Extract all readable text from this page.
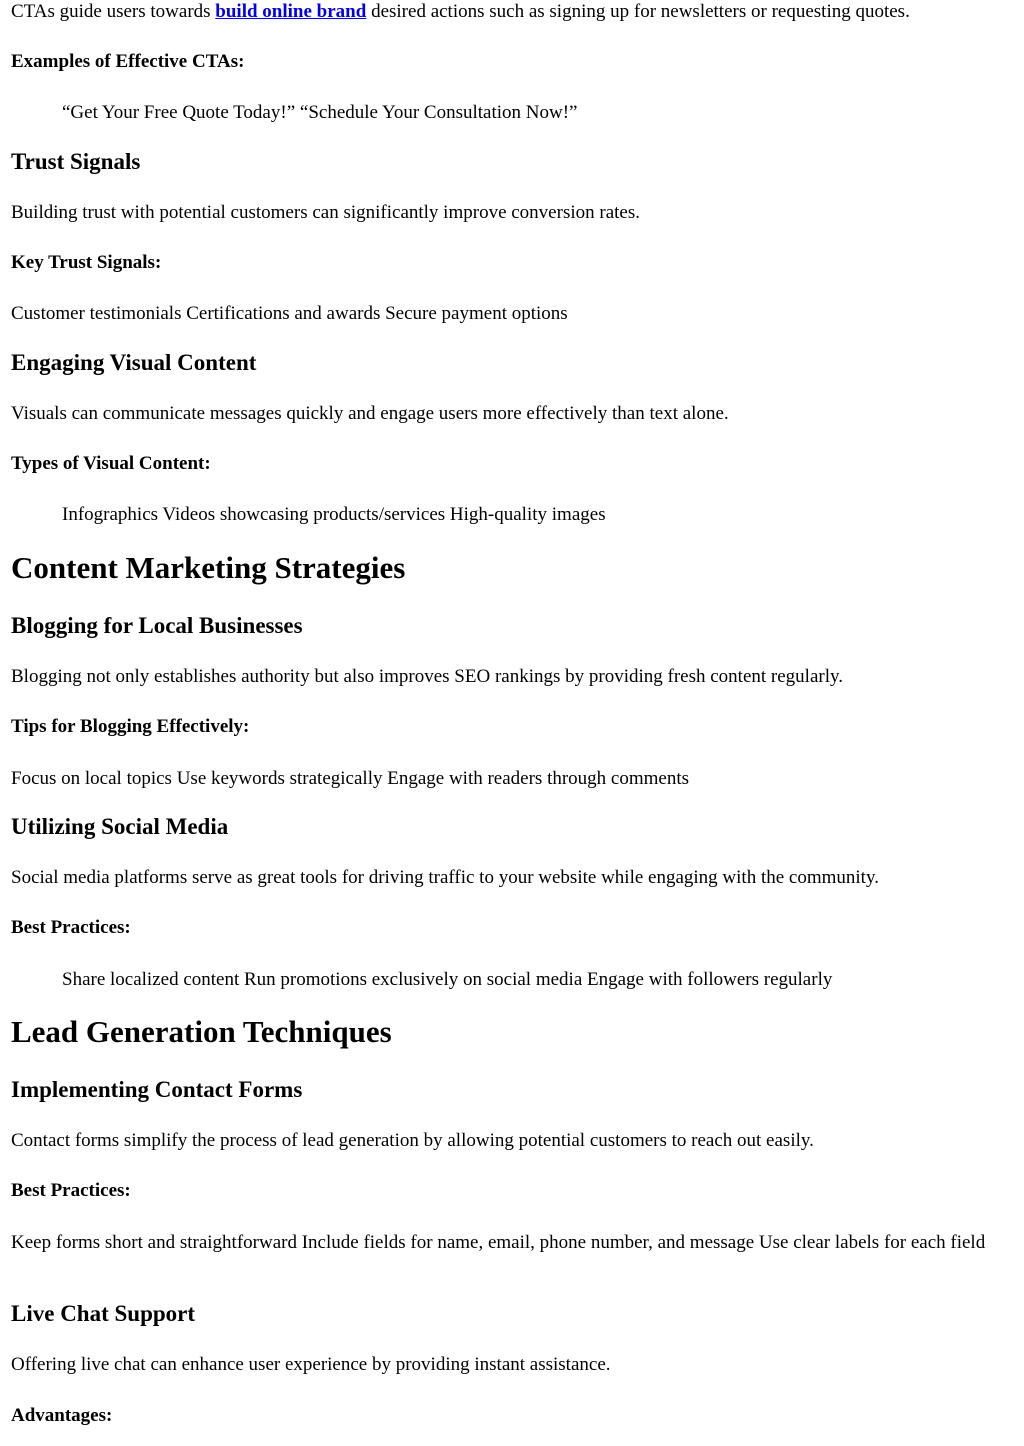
CTAs guide users towards build online brand desired actions such as signing up for newsletters or requesting quotes.

Examples of Effective CTAs:

“Get Your Free Quote Today!” “Schedule Your Consultation Now!”

Trust Signals

Building trust with potential customers can significantly improve conversion rates.

Key Trust Signals:

Customer testimonials Certifications and awards Secure payment options

Engaging Visual Content

Visuals can communicate messages quickly and engage users more effectively than text alone.

Types of Visual Content:

Infographics Videos showcasing products/services High-quality images

Content Marketing Strategies
Blogging for Local Businesses

Blogging not only establishes authority but also improves SEO rankings by providing fresh content regularly.

Tips for Blogging Effectively:

Focus on local topics Use keywords strategically Engage with readers through comments

Utilizing Social Media

Social media platforms serve as great tools for driving traffic to your website while engaging with the community.

Best Practices:

Share localized content Run promotions exclusively on social media Engage with followers regularly

Lead Generation Techniques
Implementing Contact Forms

Contact forms simplify the process of lead generation by allowing potential customers to reach out easily.

Best Practices:

Keep forms short and straightforward Include fields for name, email, phone number, and message Use clear labels for each field

Live Chat Support

Offering live chat can enhance user experience by providing instant assistance.

Advantages:
